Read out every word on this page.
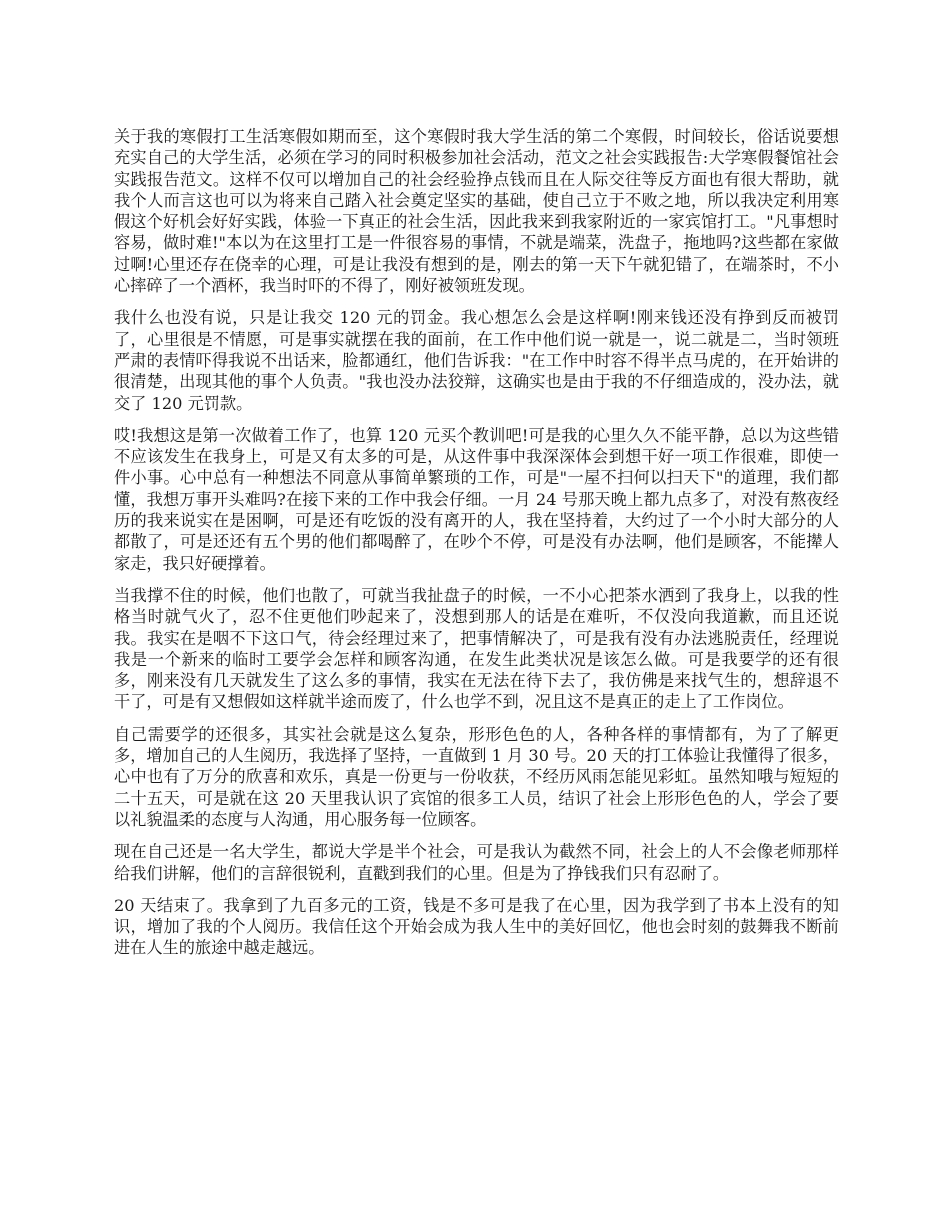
关于我的寒假打工生活寒假如期而至，这个寒假时我大学生活的第二个寒假，时间较长，俗话说要想充实自己的大学生活，必须在学习的同时积极参加社会活动，范文之社会实践报告:大学寒假餐馆社会实践报告范文。这样不仅可以增加自己的社会经验挣点钱而且在人际交往等反方面也有很大帮助，就我个人而言这也可以为将来自己踏入社会奠定坚实的基础，使自己立于不败之地，所以我决定利用寒假这个好机会好好实践，体验一下真正的社会生活，因此我来到我家附近的一家宾馆打工。"凡事想时容易，做时难!"本以为在这里打工是一件很容易的事情，不就是端菜，洗盘子，拖地吗?这些都在家做过啊!心里还存在侥幸的心理，可是让我没有想到的是，刚去的第一天下午就犯错了，在端茶时，不小心摔碎了一个酒杯，我当时吓的不得了，刚好被领班发现。

我什么也没有说，只是让我交 120 元的罚金。我心想怎么会是这样啊!刚来钱还没有挣到反而被罚了，心里很是不情愿，可是事实就摆在我的面前，在工作中他们说一就是一，说二就是二，当时领班严肃的表情吓得我说不出话来，脸都通红，他们告诉我："在工作中时容不得半点马虎的，在开始讲的很清楚，出现其他的事个人负责。"我也没办法狡辩，这确实也是由于我的不仔细造成的，没办法，就交了 120 元罚款。

哎!我想这是第一次做着工作了，也算 120 元买个教训吧!可是我的心里久久不能平静，总以为这些错不应该发生在我身上，可是又有太多的可是，从这件事中我深深体会到想干好一项工作很难，即使一件小事。心中总有一种想法不同意从事简单繁琐的工作，可是"一屋不扫何以扫天下"的道理，我们都懂，我想万事开头难吗?在接下来的工作中我会仔细。一月 24 号那天晚上都九点多了，对没有熬夜经历的我来说实在是困啊，可是还有吃饭的没有离开的人，我在坚持着，大约过了一个小时大部分的人都散了，可是还还有五个男的他们都喝醉了，在吵个不停，可是没有办法啊，他们是顾客，不能撵人家走，我只好硬撑着。

当我撑不住的时候，他们也散了，可就当我扯盘子的时候，一不小心把茶水洒到了我身上，以我的性格当时就气火了，忍不住更他们吵起来了，没想到那人的话是在难听，不仅没向我道歉，而且还说我。我实在是咽不下这口气，待会经理过来了，把事情解决了，可是我有没有办法逃脱责任，经理说我是一个新来的临时工要学会怎样和顾客沟通，在发生此类状况是该怎么做。可是我要学的还有很多，刚来没有几天就发生了这么多的事情，我实在无法在待下去了，我仿佛是来找气生的，想辞退不干了，可是有又想假如这样就半途而废了，什么也学不到，况且这不是真正的走上了工作岗位。

自己需要学的还很多，其实社会就是这么复杂，形形色色的人，各种各样的事情都有，为了了解更多，增加自己的人生阅历，我选择了坚持，一直做到 1 月 30 号。20 天的打工体验让我懂得了很多，心中也有了万分的欣喜和欢乐，真是一份更与一份收获，不经历风雨怎能见彩虹。虽然知哦与短短的二十五天，可是就在这 20 天里我认识了宾馆的很多工人员，结识了社会上形形色色的人，学会了要以礼貌温柔的态度与人沟通，用心服务每一位顾客。

现在自己还是一名大学生，都说大学是半个社会，可是我认为截然不同，社会上的人不会像老师那样给我们讲解，他们的言辞很锐利，直戳到我们的心里。但是为了挣钱我们只有忍耐了。

20 天结束了。我拿到了九百多元的工资，钱是不多可是我了在心里，因为我学到了书本上没有的知识，增加了我的个人阅历。我信任这个开始会成为我人生中的美好回忆，他也会时刻的鼓舞我不断前进在人生的旅途中越走越远。
